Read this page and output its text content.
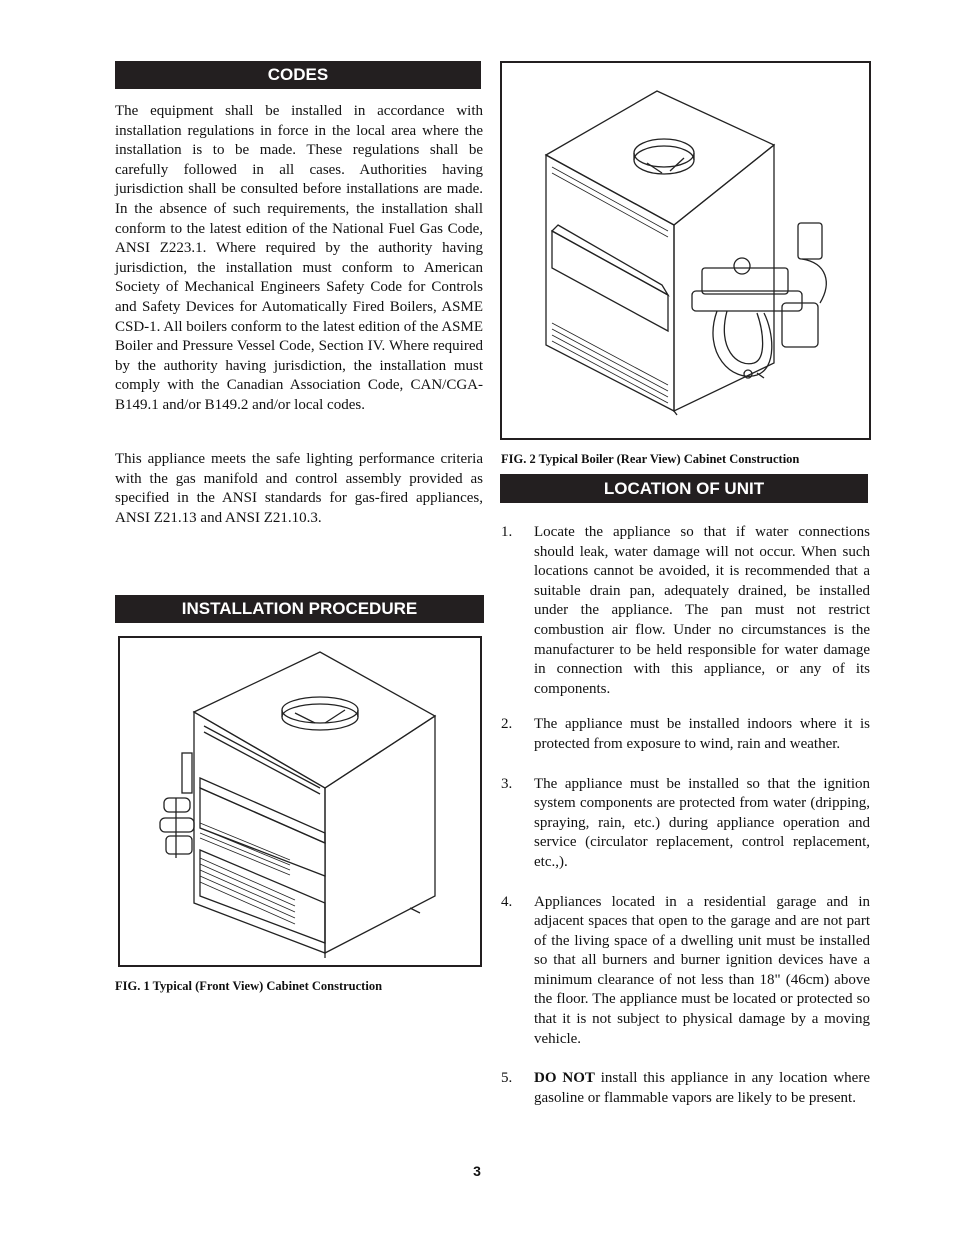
CODES

The equipment shall be installed in accordance with installation regulations in force in the local area where the installation is to be made. These regulations shall be carefully followed in all cases. Authorities having jurisdiction shall be consulted before installations are made. In the absence of such requirements, the installation shall conform to the latest edition of the National Fuel Gas Code, ANSI Z223.1. Where required by the authority having jurisdiction, the installation must conform to American Society of Mechanical Engineers Safety Code for Controls and Safety Devices for Automatically Fired Boilers, ASME CSD-1. All boilers conform to the latest edition of the ASME Boiler and Pressure Vessel Code, Section IV. Where required by the authority having jurisdiction, the installation must comply with the Canadian Association Code, CAN/CGA-B149.1 and/or B149.2 and/or local codes.

This appliance meets the safe lighting performance criteria with the gas manifold and control assembly provided as specified in the ANSI standards for gas-fired appliances, ANSI Z21.13 and ANSI Z21.10.3.

INSTALLATION PROCEDURE
FIG. 1 Typical (Front View) Cabinet Construction
FIG. 2 Typical Boiler (Rear View) Cabinet Construction
LOCATION OF UNIT
1.	Locate the appliance so that if water connections should leak, water damage will not occur. When such locations cannot be avoided, it is recommended that a suitable drain pan, adequately drained, be installed under the appliance. The pan must not restrict combustion air flow. Under no circumstances is the manufacturer to be held responsible for water damage in connection with this appliance, or any of its components.
2.	The appliance must be installed indoors where it is protected from exposure to wind, rain and weather.
3.	The appliance must be installed so that the ignition system components are protected from water (dripping, spraying, rain, etc.) during appliance operation and service (circulator replacement, control replacement, etc.,).
4.	Appliances located in a residential garage and in adjacent spaces that open to the garage and are not part of the living space of a dwelling unit must be installed so that all burners and burner ignition devices have a minimum clearance of not less than 18" (46cm) above the floor. The appliance must be located or protected so that it is not subject to physical damage by a moving vehicle.
5.	DO NOT install this appliance in any location where gasoline or flammable vapors are likely to be present.
3
